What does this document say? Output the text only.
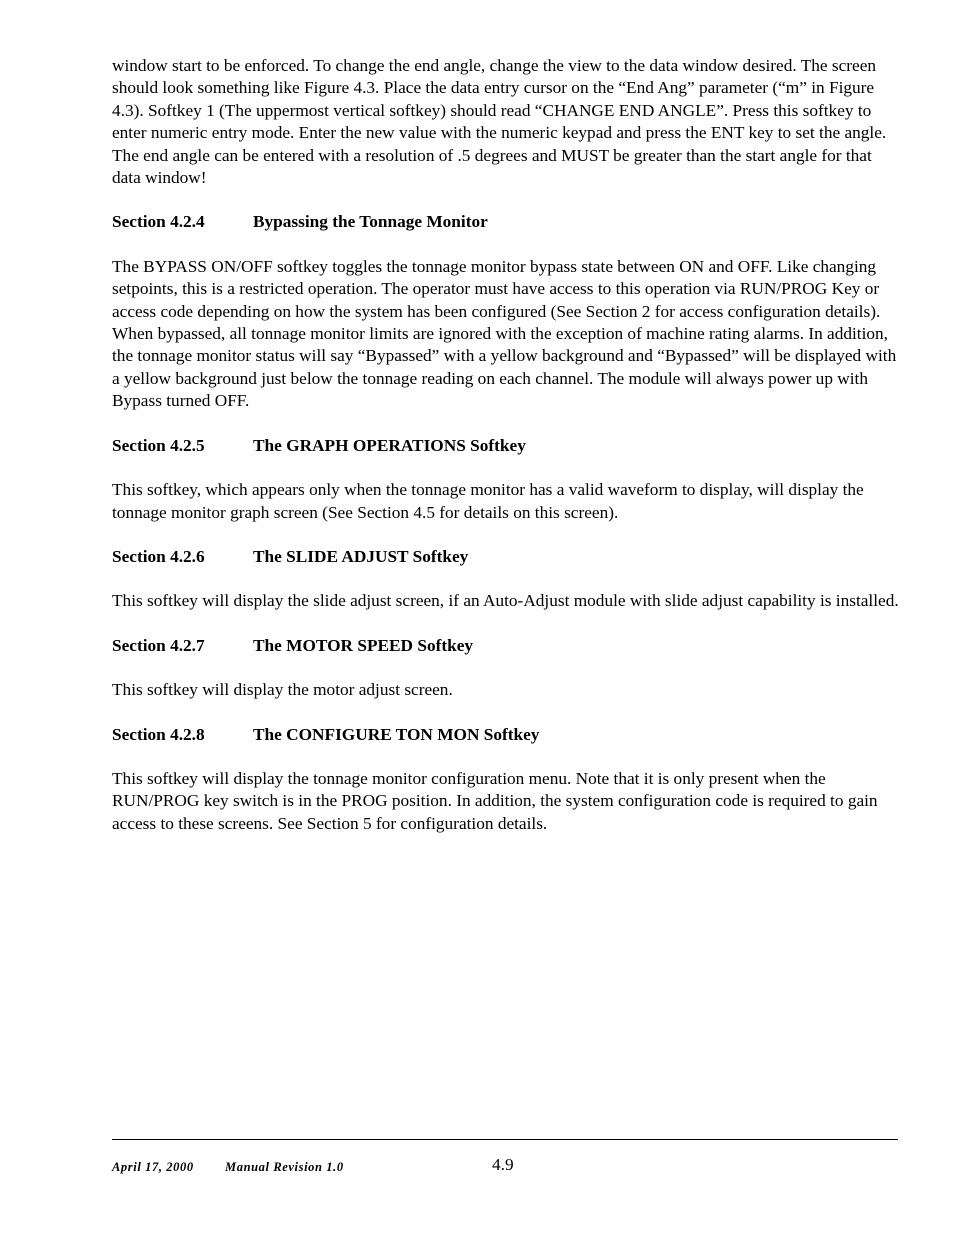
window start to be enforced. To change the end angle, change the view to the data window desired. The screen should look something like Figure 4.3. Place the data entry cursor on the “End Ang” parameter (“m” in Figure 4.3). Softkey 1 (The uppermost vertical softkey) should read “CHANGE END ANGLE”. Press this softkey to enter numeric entry mode. Enter the new value with the numeric keypad and press the ENT key to set the angle. The end angle can be entered with a resolution of .5 degrees and MUST be greater than the start angle for that data window!

Section 4.2.4	Bypassing the Tonnage Monitor

The BYPASS ON/OFF softkey toggles the tonnage monitor bypass state between ON and OFF. Like changing setpoints, this is a restricted operation. The operator must have access to this operation via RUN/PROG Key or access code depending on how the system has been configured (See Section 2 for access configuration details). When bypassed, all tonnage monitor limits are ignored with the exception of machine rating alarms. In addition, the tonnage monitor status will say “Bypassed” with a yellow background and “Bypassed” will be displayed with a yellow background just below the tonnage reading on each channel. The module will always power up with Bypass turned OFF.

Section 4.2.5	The GRAPH OPERATIONS Softkey

This softkey, which appears only when the tonnage monitor has a valid waveform to display, will display the tonnage monitor graph screen (See Section 4.5 for details on this screen).

Section 4.2.6	The SLIDE ADJUST Softkey

This softkey will display the slide adjust screen, if an Auto-Adjust module with slide adjust capability is installed.

Section 4.2.7	The MOTOR SPEED Softkey

This softkey will display the motor adjust screen.

Section 4.2.8	The CONFIGURE TON MON Softkey

This softkey will display the tonnage monitor configuration menu. Note that it is only present when the RUN/PROG key switch is in the PROG position. In addition, the system configuration code is required to gain access to these screens. See Section 5 for configuration details.

April 17, 2000	Manual Revision 1.0	4.9
